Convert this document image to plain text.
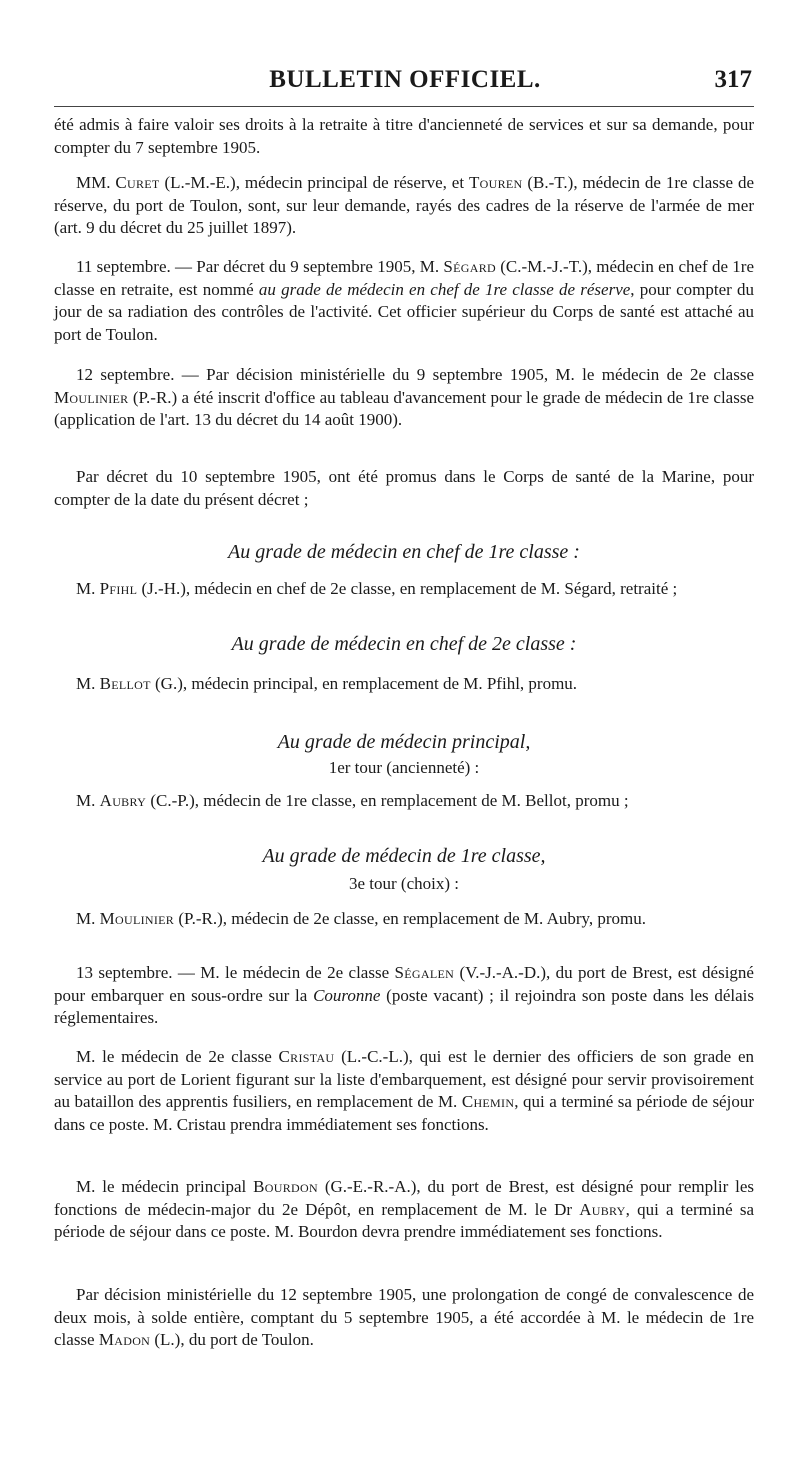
BULLETIN OFFICIEL.	317

été admis à faire valoir ses droits à la retraite à titre d'ancienneté de services et sur sa demande, pour compter du 7 septembre 1905.

MM. Curet (L.-M.-E.), médecin principal de réserve, et Touren (B.-T.), médecin de 1re classe de réserve, du port de Toulon, sont, sur leur demande, rayés des cadres de la réserve de l'armée de mer (art. 9 du décret du 25 juillet 1897).

11 septembre. — Par décret du 9 septembre 1905, M. Ségard (C.-M.-J.-T.), médecin en chef de 1re classe en retraite, est nommé au grade de médecin en chef de 1re classe de réserve, pour compter du jour de sa radiation des contrôles de l'activité. Cet officier supérieur du Corps de santé est attaché au port de Toulon.

12 septembre. — Par décision ministérielle du 9 septembre 1905, M. le médecin de 2e classe Moulinier (P.-R.) a été inscrit d'office au tableau d'avancement pour le grade de médecin de 1re classe (application de l'art. 13 du décret du 14 août 1900).

Par décret du 10 septembre 1905, ont été promus dans le Corps de santé de la Marine, pour compter de la date du présent décret ;

Au grade de médecin en chef de 1re classe :

M. Pfihl (J.-H.), médecin en chef de 2e classe, en remplacement de M. Ségard, retraité ;

Au grade de médecin en chef de 2e classe :

M. Bellot (G.), médecin principal, en remplacement de M. Pfihl, promu.

Au grade de médecin principal,

1er tour (ancienneté) :

M. Aubry (C.-P.), médecin de 1re classe, en remplacement de M. Bellot, promu ;

Au grade de médecin de 1re classe,

3e tour (choix) :

M. Moulinier (P.-R.), médecin de 2e classe, en remplacement de M. Aubry, promu.

13 septembre. — M. le médecin de 2e classe Ségalen (V.-J.-A.-D.), du port de Brest, est désigné pour embarquer en sous-ordre sur la Couronne (poste vacant) ; il rejoindra son poste dans les délais réglementaires.

M. le médecin de 2e classe Cristau (L.-C.-L.), qui est le dernier des officiers de son grade en service au port de Lorient figurant sur la liste d'embarquement, est désigné pour servir provisoirement au bataillon des apprentis fusiliers, en remplacement de M. Chemin, qui a terminé sa période de séjour dans ce poste. M. Cristau prendra immédiatement ses fonctions.

M. le médecin principal Bourdon (G.-E.-R.-A.), du port de Brest, est désigné pour remplir les fonctions de médecin-major du 2e Dépôt, en remplacement de M. le Dr Aubry, qui a terminé sa période de séjour dans ce poste. M. Bourdon devra prendre immédiatement ses fonctions.

Par décision ministérielle du 12 septembre 1905, une prolongation de congé de convalescence de deux mois, à solde entière, comptant du 5 septembre 1905, a été accordée à M. le médecin de 1re classe Madon (L.), du port de Toulon.
